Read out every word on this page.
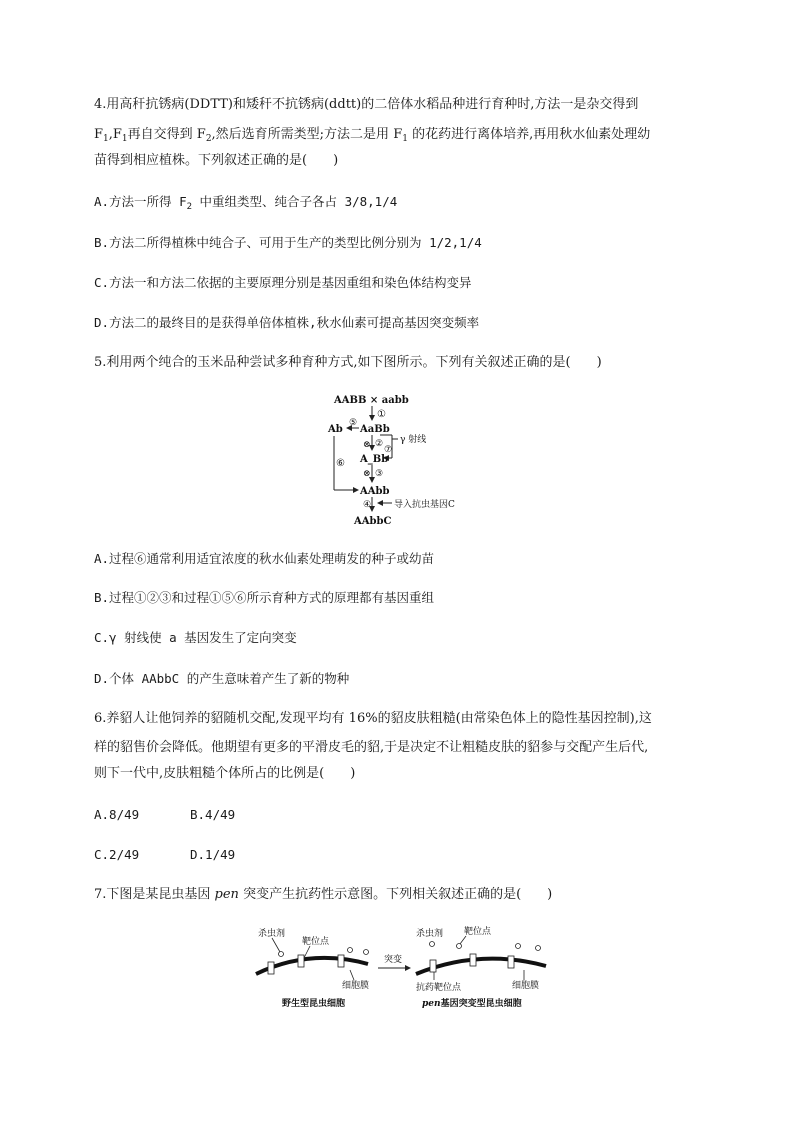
4.用高秆抗锈病(DDTT)和矮秆不抗锈病(ddtt)的二倍体水稻品种进行育种时,方法一是杂交得到
$F_1,F_1$再自交得到 $F_2$,然后选育所需类型;方法二是用 $F_1$ 的花药进行离体培养,再用秋水仙素处理幼
苗得到相应植株。下列叙述正确的是(　　)
A.方法一所得 $F_2$ 中重组类型、纯合子各占 3/8,1/4
B.方法二所得植株中纯合子、可用于生产的类型比例分别为 1/2,1/4
C.方法一和方法二依据的主要原理分别是基因重组和染色体结构变异
D.方法二的最终目的是获得单倍体植株,秋水仙素可提高基因突变频率
5.利用两个纯合的玉米品种尝试多种育种方式,如下图所示。下列有关叙述正确的是(　　)
AABB × aabb
①
AaBb
Ab
⑤
⑥
⊗ ②
⑦
γ 射线
A_Bb
⊗ ③
AAbb
④	导入抗虫基因C
AAbbC
A.过程⑥通常利用适宜浓度的秋水仙素处理萌发的种子或幼苗
B.过程①②③和过程①⑤⑥所示育种方式的原理都有基因重组
C.γ 射线使 a 基因发生了定向突变
D.个体 AAbbC 的产生意味着产生了新的物种
6.养貂人让他饲养的貂随机交配,发现平均有 16%的貂皮肤粗糙(由常染色体上的隐性基因控制),这
样的貂售价会降低。他期望有更多的平滑皮毛的貂,于是决定不让粗糙皮肤的貂参与交配产生后代,
则下一代中,皮肤粗糙个体所占的比例是(　　)
A.8/49	B.4/49
C.2/49	D.1/49
7.下图是某昆虫基因 pen 突变产生抗药性示意图。下列相关叙述正确的是(　　)
杀虫剂
靶位点
细胞膜
野生型昆虫细胞
突变
杀虫剂 靶位点
抗药靶位点	细胞膜
pen基因突变型昆虫细胞
